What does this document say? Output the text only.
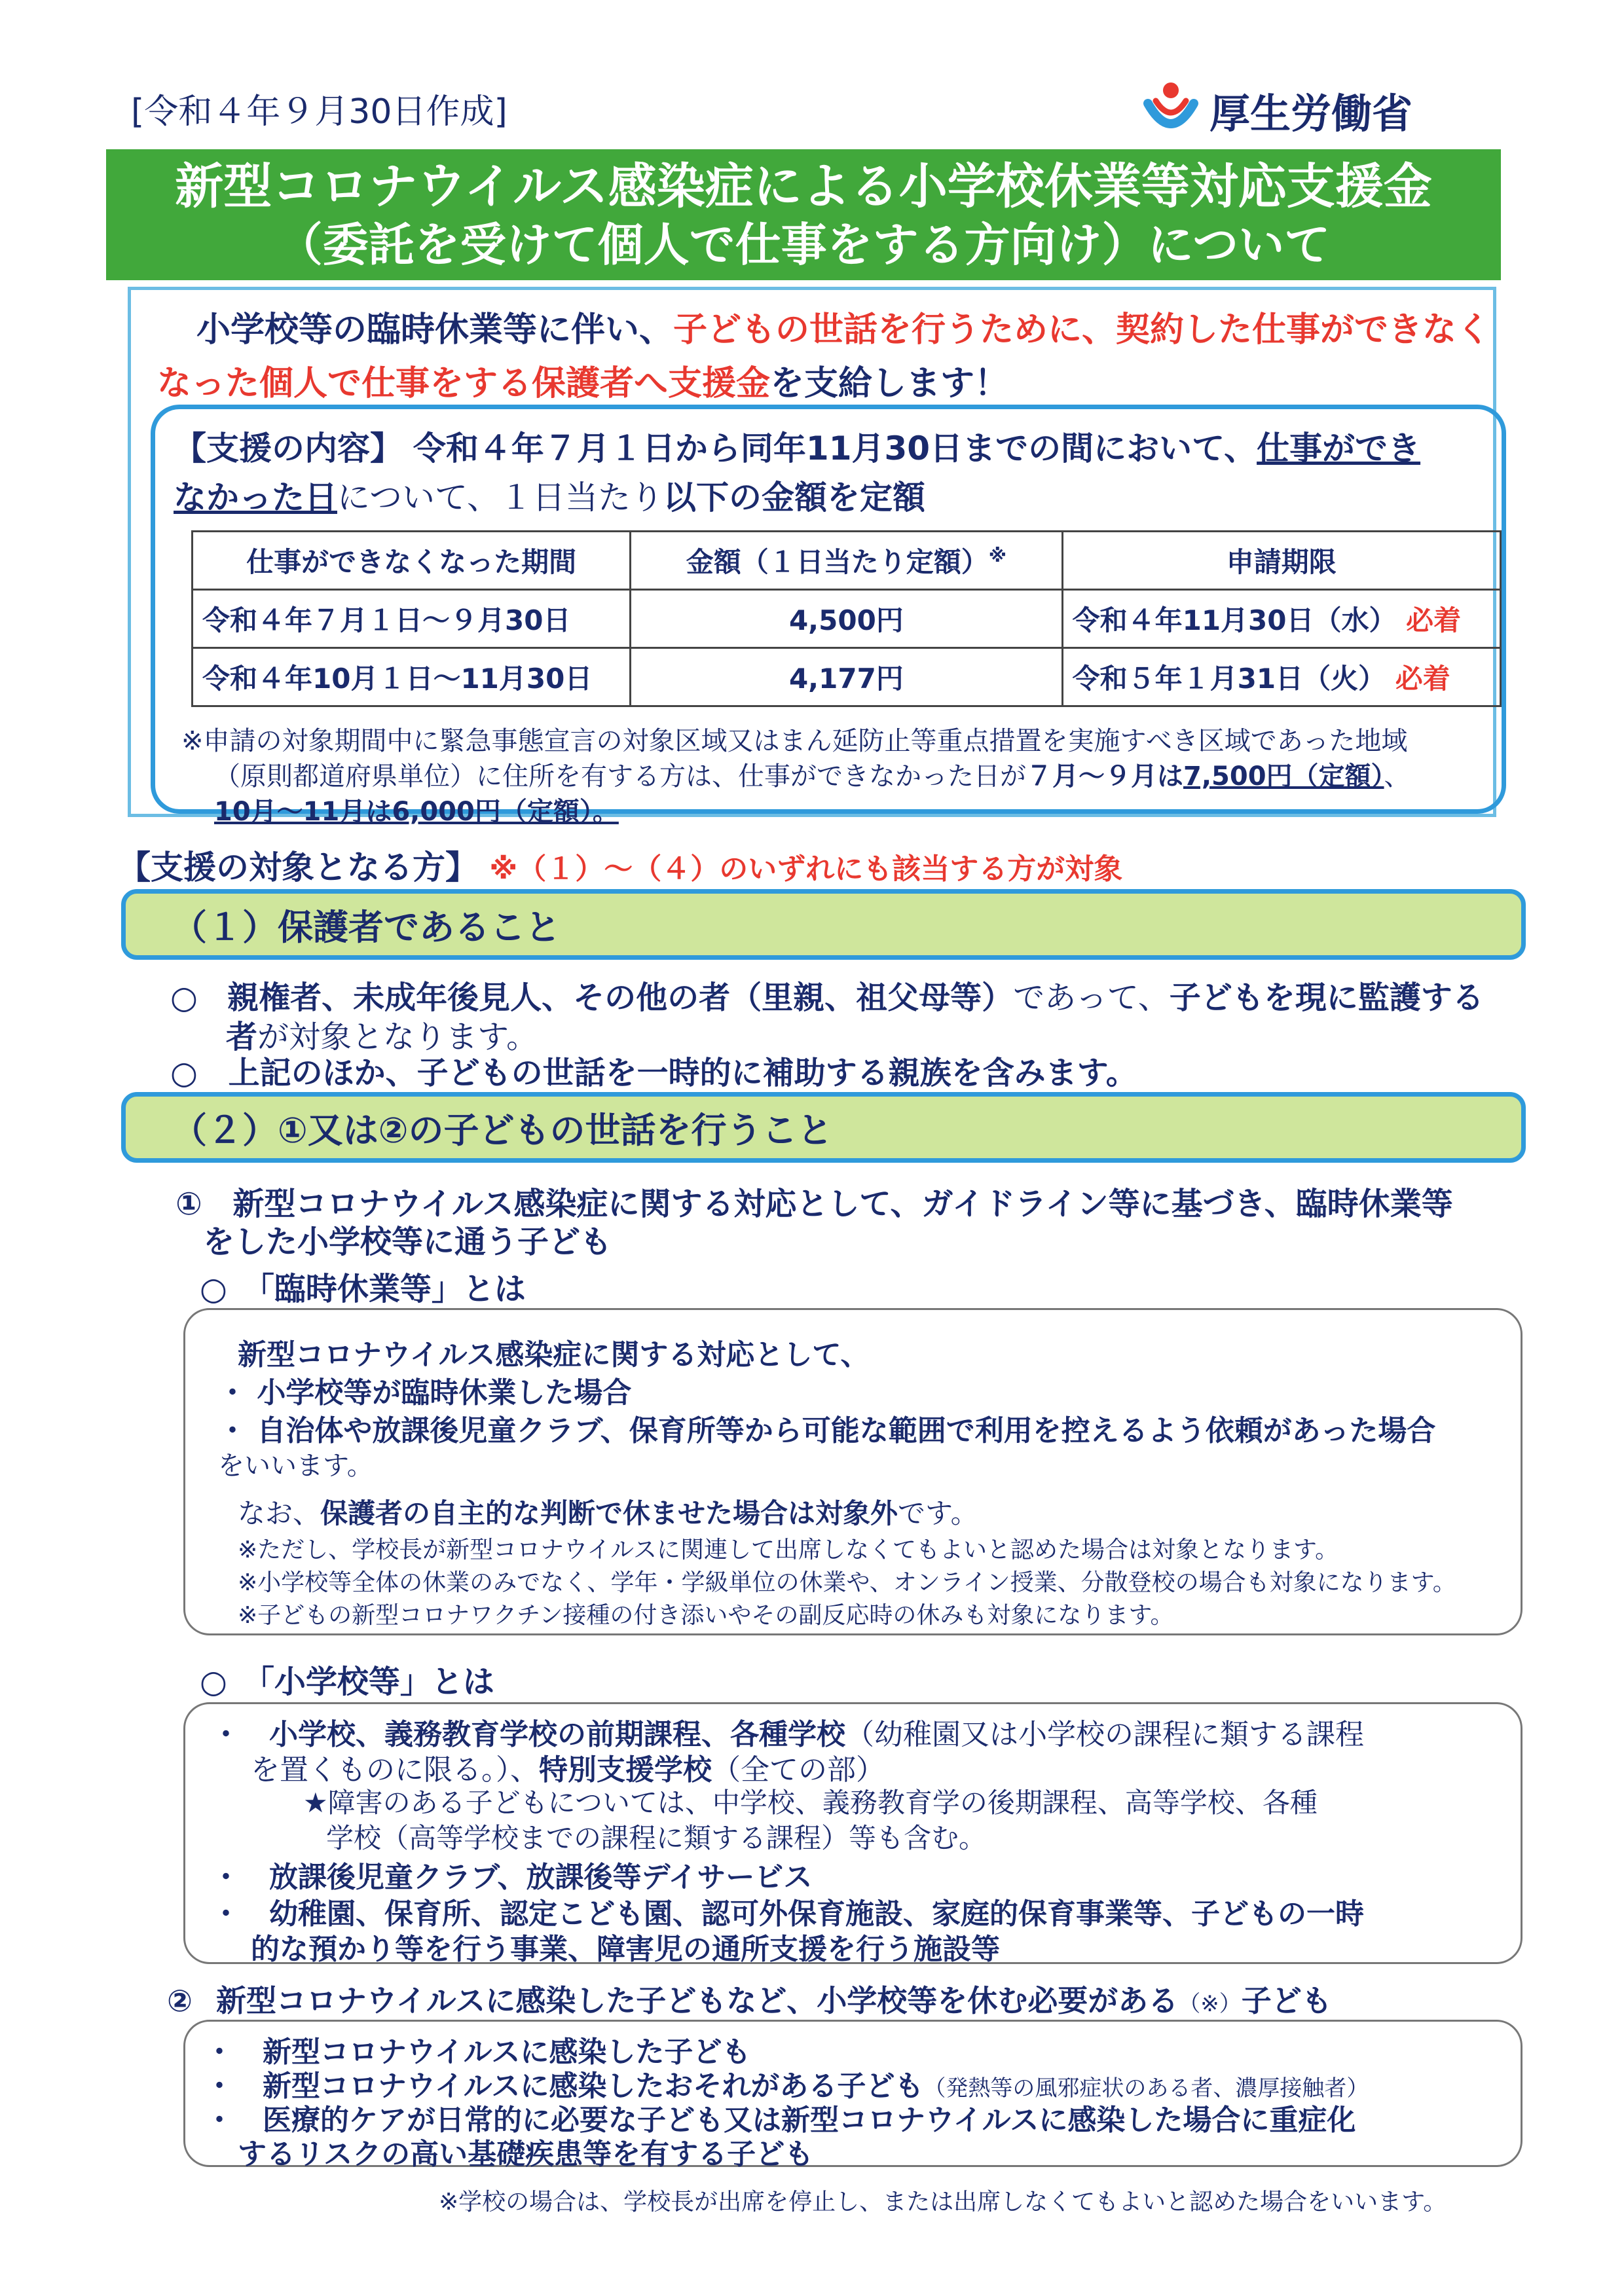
[令和４年９月30日作成]	厚生労働省
新型コロナウイルス感染症による小学校休業等対応支援金
（委託を受けて個人で仕事をする方向け）について
小学校等の臨時休業等に伴い、子どもの世話を行うために、契約した仕事ができなく
なった個人で仕事をする保護者へ支援金を支給します！
【支援の内容】 令和４年７月１日から同年11月30日までの間において、仕事ができ
なかった日について、１日当たり以下の金額を定額
仕事ができなくなった期間	金額（１日当たり定額）※	申請期限
令和４年７月１日～９月30日	4,500円	令和４年11月30日（水） 必着
令和４年10月１日～11月30日	4,177円	令和５年１月31日（火） 必着
※申請の対象期間中に緊急事態宣言の対象区域又はまん延防止等重点措置を実施すべき区域であった地域
（原則都道府県単位）に住所を有する方は、仕事ができなかった日が７月～９月は7,500円（定額）、
10月～11月は6,000円（定額）。
【支援の対象となる方】 ※（１）～（４）のいずれにも該当する方が対象
（１）保護者であること
○ 親権者、未成年後見人、その他の者（里親、祖父母等）であって、子どもを現に監護する
者が対象となります。
○ 上記のほか、子どもの世話を一時的に補助する親族を含みます。
（２）①又は②の子どもの世話を行うこと
① 新型コロナウイルス感染症に関する対応として、ガイドライン等に基づき、臨時休業等
をした小学校等に通う子ども
○　「臨時休業等」とは
新型コロナウイルス感染症に関する対応として、
・ 小学校等が臨時休業した場合
・ 自治体や放課後児童クラブ、保育所等から可能な範囲で利用を控えるよう依頼があった場合
をいいます。
なお、保護者の自主的な判断で休ませた場合は対象外です。
※ただし、学校長が新型コロナウイルスに関連して出席しなくてもよいと認めた場合は対象となります。
※小学校等全体の休業のみでなく、学年・学級単位の休業や、オンライン授業、分散登校の場合も対象になります。
※子どもの新型コロナワクチン接種の付き添いやその副反応時の休みも対象になります。
○　「小学校等」とは
・　小学校、義務教育学校の前期課程、各種学校（幼稚園又は小学校の課程に類する課程
を置くものに限る。）、特別支援学校（全ての部）
★障害のある子どもについては、中学校、義務教育学の後期課程、高等学校、各種
学校（高等学校までの課程に類する課程）等も含む。
・　放課後児童クラブ、放課後等デイサービス
・　幼稚園、保育所、認定こども園、認可外保育施設、家庭的保育事業等、子どもの一時
的な預かり等を行う事業、障害児の通所支援を行う施設等
② 新型コロナウイルスに感染した子どもなど、小学校等を休む必要がある（※）子ども
・　新型コロナウイルスに感染した子ども
・　新型コロナウイルスに感染したおそれがある子ども（発熱等の風邪症状のある者、濃厚接触者）
・　医療的ケアが日常的に必要な子ども又は新型コロナウイルスに感染した場合に重症化
するリスクの高い基礎疾患等を有する子ども
※学校の場合は、学校長が出席を停止し、または出席しなくてもよいと認めた場合をいいます。
